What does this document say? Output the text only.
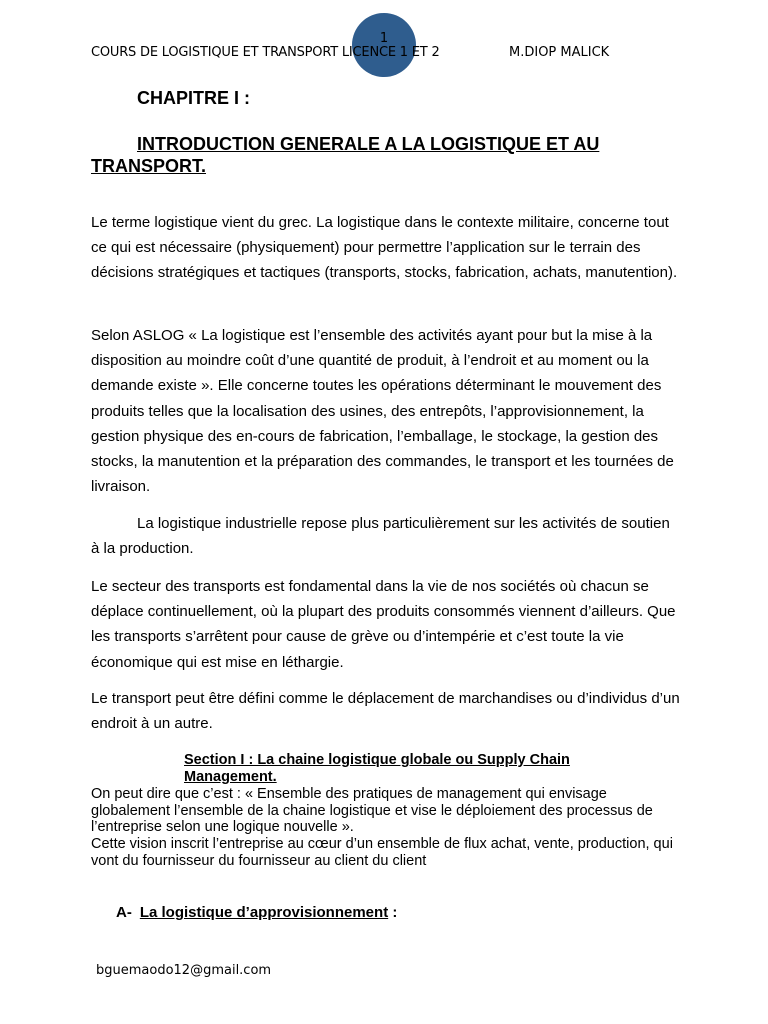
1
COURS DE LOGISTIQUE ET TRANSPORT LICENCE 1 ET 2	M.DIOP MALICK
CHAPITRE I :
INTRODUCTION GENERALE A LA LOGISTIQUE ET AU TRANSPORT.

Le terme logistique vient du grec. La logistique dans le contexte militaire, concerne tout ce qui est nécessaire (physiquement) pour permettre l’application sur le terrain des décisions stratégiques et tactiques (transports, stocks, fabrication, achats, manutention).

Selon ASLOG « La logistique est l’ensemble des activités ayant pour but la mise à la disposition au moindre coût d’une quantité de produit, à l’endroit et au moment ou la demande existe ». Elle concerne toutes les opérations déterminant le mouvement des produits telles que la localisation des usines, des entrepôts, l’approvisionnement, la gestion physique des en-cours de fabrication, l’emballage, le stockage, la gestion des stocks, la manutention et la préparation des commandes, le transport et les tournées de livraison.

La logistique industrielle repose plus particulièrement sur les activités de soutien à la production.

Le secteur des transports est fondamental dans la vie de nos sociétés où chacun se déplace continuellement, où la plupart des produits consommés viennent d’ailleurs. Que les transports s’arrêtent pour cause de grève ou d’intempérie et c’est toute la vie économique qui est mise en léthargie.

Le transport peut être défini comme le déplacement de marchandises ou d’individus d’un endroit à un autre.

Section I : La chaine logistique globale ou Supply Chain Management.
On peut dire que c’est : « Ensemble des pratiques de management qui envisage globalement l’ensemble de la chaine logistique et vise le déploiement des processus de l’entreprise selon une logique nouvelle ».
Cette vision inscrit l’entreprise au cœur d’un ensemble de flux achat, vente, production, qui vont du fournisseur du fournisseur au client du client
A- La logistique d’approvisionnement :
bguemaodo12@gmail.com
